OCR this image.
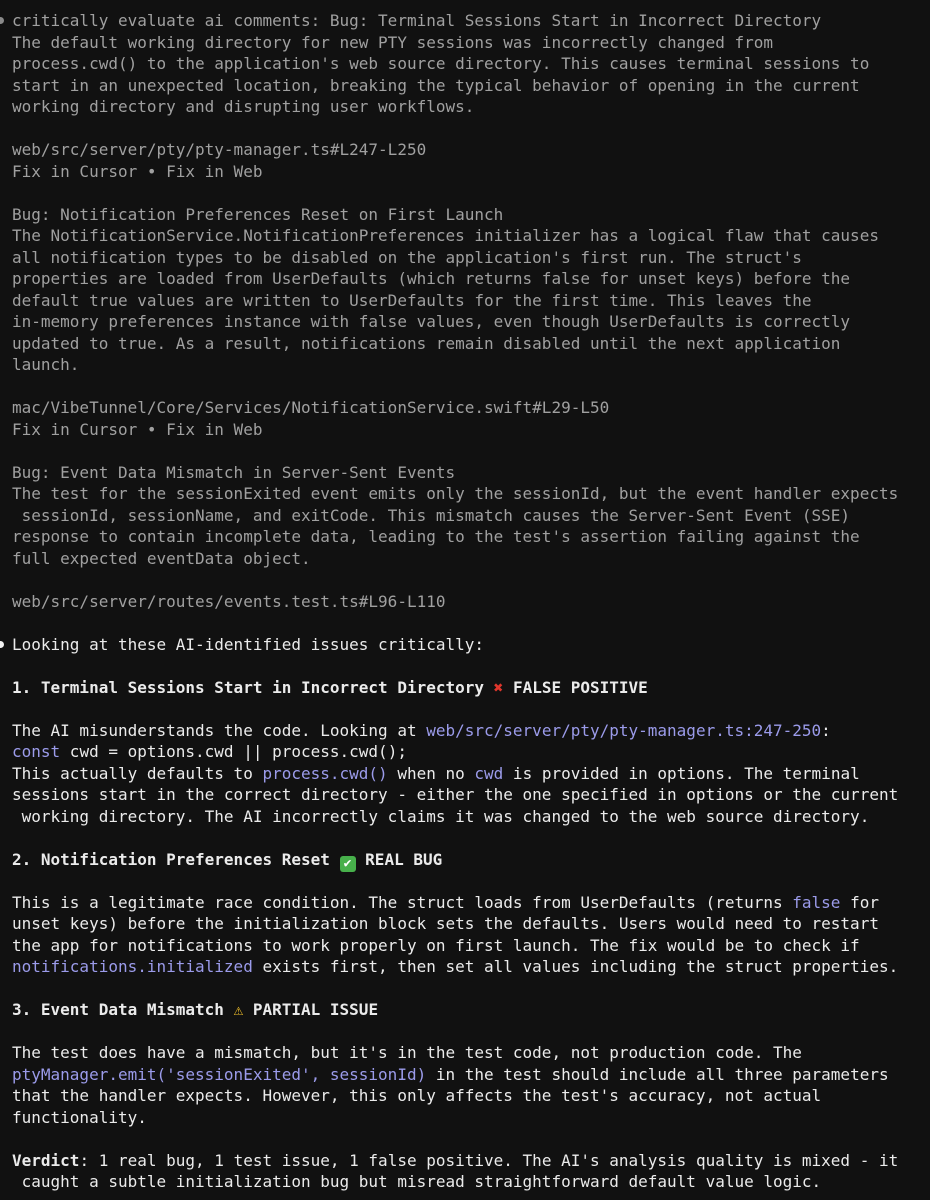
critically evaluate ai comments: Bug: Terminal Sessions Start in Incorrect Directory
The default working directory for new PTY sessions was incorrectly changed from
process.cwd() to the application's web source directory. This causes terminal sessions to
start in an unexpected location, breaking the typical behavior of opening in the current
working directory and disrupting user workflows.
web/src/server/pty/pty-manager.ts#L247-L250
Fix in Cursor • Fix in Web
Bug: Notification Preferences Reset on First Launch
The NotificationService.NotificationPreferences initializer has a logical flaw that causes
all notification types to be disabled on the application's first run. The struct's
properties are loaded from UserDefaults (which returns false for unset keys) before the
default true values are written to UserDefaults for the first time. This leaves the
in-memory preferences instance with false values, even though UserDefaults is correctly
updated to true. As a result, notifications remain disabled until the next application
launch.
mac/VibeTunnel/Core/Services/NotificationService.swift#L29-L50
Fix in Cursor • Fix in Web
Bug: Event Data Mismatch in Server-Sent Events
The test for the sessionExited event emits only the sessionId, but the event handler expects
sessionId, sessionName, and exitCode. This mismatch causes the Server-Sent Event (SSE)
response to contain incomplete data, leading to the test's assertion failing against the
full expected eventData object.
web/src/server/routes/events.test.ts#L96-L110
Looking at these AI-identified issues critically:
1. Terminal Sessions Start in Incorrect Directory ✖ FALSE POSITIVE
The AI misunderstands the code. Looking at web/src/server/pty/pty-manager.ts:247-250:
const cwd = options.cwd || process.cwd();
This actually defaults to process.cwd() when no cwd is provided in options. The terminal
sessions start in the correct directory - either the one specified in options or the current
working directory. The AI incorrectly claims it was changed to the web source directory.
2. Notification Preferences Reset ✔ REAL BUG
This is a legitimate race condition. The struct loads from UserDefaults (returns false for
unset keys) before the initialization block sets the defaults. Users would need to restart
the app for notifications to work properly on first launch. The fix would be to check if
notifications.initialized exists first, then set all values including the struct properties.
3. Event Data Mismatch ⚠ PARTIAL ISSUE
The test does have a mismatch, but it's in the test code, not production code. The
ptyManager.emit('sessionExited', sessionId) in the test should include all three parameters
that the handler expects. However, this only affects the test's accuracy, not actual
functionality.
Verdict: 1 real bug, 1 test issue, 1 false positive. The AI's analysis quality is mixed - it
caught a subtle initialization bug but misread straightforward default value logic.
